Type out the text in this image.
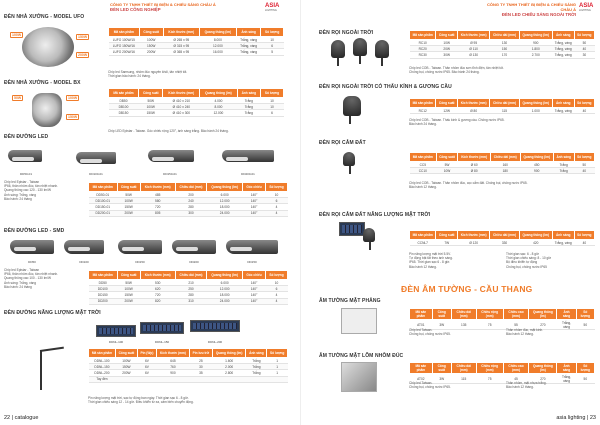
CÔNG TY TNHH THIẾT BỊ ĐIỆN & CHIẾU SÁNG CHÂU Á
ĐÈN LED CÔNG NGHIỆP
ASIA
LIGHTING
ĐÈN NHÀ XƯỞNG - MODEL UFO
100W	150W
200W
Mã sản phẩm	Công suất	Kích thước (mm)	Quang thông (lm)	Ánh sáng	Số lượng
LUFO 100W/15	100W	Ø 265 x 95	8.000	Trắng, vàng	10
LUFO 150W/16	150W	Ø 315 x 95	12.000	Trắng, vàng	6
LUFO 200W/16	200W	Ø 365 x 95	16.000	Trắng, vàng	5
Chip led Samsung, nhôm đúc nguyên khối, tản nhiệt tốt.
Thời gian bảo hành: 24 tháng.
ĐÈN NHÀ XƯỞNG - MODEL BX
50W	100W
150W
Mã sản phẩm	Công suất	Kích thước (mm)	Quang thông (lm)	Ánh sáng	Số lượng
DB50	50W	Ø 410 x 210	4.000	Trắng	10
DB100	100W	Ø 410 x 240	8.000	Trắng	10
DB150	150W	Ø 410 x 300	12.000	Trắng	6
Chip LED Epistar - Taiwan. Góc chiếu rộng 120°, ánh sáng trắng. Bảo hành 24 tháng.
ĐÈN ĐƯỜNG LED
DD50-01	DD100-01	DD150-01	DD200-01
Chip led Epistar - Taiwan
IP66, thân nhôm đúc, tản nhiệt nhanh.
Quang thông cao 120 - 130 lm/W
Ánh sáng: Trắng, vàng
Bảo hành: 24 tháng
Mã sản phẩm	Công suất	Kích thước (mm)	Chiều dài (mm)	Quang thông (lm)	Góc chiếu	Số lượng
DD50-01	50W	485	200	6.000	140°	10
DD100-01	100W	580	240	12.000	140°	6
DD150-01	150W	720	280	18.000	140°	4
DD200-01	200W	805	300	24.000	140°	4
ĐÈN ĐƯỜNG LED - SMD
DD50	DD100	DD150	DD200	DD150
Chip led Epistar - Taiwan
IP66, thân nhôm đúc, tản nhiệt nhanh.
Quang thông cao 100 - 130 lm/W
Ánh sáng: Trắng, vàng
Bảo hành: 24 tháng
Mã sản phẩm	Công suất	Kích thước (mm)	Chiều dài (mm)	Quang thông (lm)	Góc chiếu	Số lượng
DD50	50W	530	210	6.000	140°	10
DD100	100W	620	250	12.000	140°	6
DD150	150W	720	280	18.000	140°	4
DD200	200W	820	310	24.000	140°	4
ĐÈN ĐƯỜNG NĂNG LƯỢNG MẶT TRỜI
DDNL-100	DDNL-150	DDNL-200
Mã sản phẩm	Công suất	Pin (Wp)	Kích thước (mm)	Pin lưu trữ	Quang thông (lm)	Ánh sáng	Số lượng
DDNL-100	100W	6V	645	25	1.600	Trắng	1
DDNL-150	150W	6V	760	30	2.000	Trắng	1
DDNL-200	200W	6V	900	35	2.800	Trắng	1
Tay đèn							
Pin năng lượng mặt trời, sạc tự động ban ngày. Thời gian sạc 6 - 8 giờ.
Thời gian chiếu sáng 12 - 14 giờ. Điều khiển từ xa, cảm biến chuyển động.
22 | catalogue
CÔNG TY TNHH THIẾT BỊ ĐIỆN & CHIẾU SÁNG CHÂU Á
ĐÈN LED CHIẾU SÁNG NGOÀI TRỜI
ASIA
LIGHTING
ĐÈN RỌI NGOÀI TRỜI	Mã sản phẩm	Công suất	Kích thước (mm)	Chiều dài (mm)	Quang thông (lm)	Ánh sáng	Số lượng
RC10	10W	Ø 95	130	900	Trắng, vàng	50
RC20	20W	Ø 110	150	1.800	Trắng, vàng	40
RC30	30W	Ø 130	170	2.700	Trắng, vàng	30
Chip led COB - Taiwan. Thân nhôm đúc sơn tĩnh điện, tản nhiệt tốt.
Chống bụi, chống nước IP65. Bảo hành 24 tháng.
ĐÈN RỌI NGOÀI TRỜI CÓ THẤU KÍNH & GƯƠNG CẦU
Mã sản phẩm	Công suất	Kích thước (mm)	Chiều dài (mm)	Quang thông (lm)	Ánh sáng	Số lượng
RC12	12W	Ø 80	115	1.000	Trắng, vàng	40
Chip led COB - Taiwan. Thấu kính & gương cầu. Chống nước IP65.
Bảo hành 24 tháng.
ĐÈN RỌI CẮM ĐẤT
Mã sản phẩm	Công suất	Kích thước (mm)	Chiều dài (mm)	Quang thông (lm)	Ánh sáng	Số lượng
CC5	5W	Ø 60	160	450	Trắng	50
CC10	10W	Ø 80	180	900	Trắng	40
Chip led COB - Taiwan. Thân nhôm đúc, cọc cắm đất. Chống bụi, chống nước IP65.
Bảo hành 12 tháng.
ĐÈN RỌI CẮM ĐẤT NĂNG LƯỢNG MẶT TRỜI
Mã sản phẩm	Công suất	Kích thước (mm)	Chiều dài (mm)	Quang thông (lm)	Ánh sáng	Số lượng
CCNL7	7W	Ø 120	330	420	Trắng, vàng	40
Pin năng lượng mặt trời 5.5V.
Tự động bật tắt theo ánh sáng.
IP65. Thời gian sạc 6 - 8 giờ.
Bảo hành 12 tháng.
Thời gian sạc: 6 - 8 giờ
Thời gian chiếu sáng: 8 - 10 giờ
Bộ điều khiển tự động
Chống bụi, chống nước IP65
ĐÈN ÂM TƯỜNG - CẦU THANG
ÂM TƯỜNG MẶT PHẲNG
Mã sản phẩm	Công suất	Chiều dài (mm)	Chiều rộng (mm)	Chiều cao (mm)	Quang thông (lm)	Ánh sáng	Số lượng
AT01	3W	135	75	55	270	Trắng, vàng	50
Chip led Taiwan.
Chống bụi, chống nước IP65.
Thân nhôm đúc, mặt kính.
Bảo hành 12 tháng.
ÂM TƯỜNG MẶT LÕM NHÔM ĐÚC
Mã sản phẩm	Công suất	Chiều dài (mm)	Chiều rộng (mm)	Chiều cao (mm)	Quang thông (lm)	Ánh sáng	Số lượng
AT02	3W	115	75	45	270	Trắng, vàng	50
Chip led Taiwan.
Chống bụi, chống nước IP65.
Thân nhôm, mặt nhựa trắng.
Bảo hành 12 tháng.
asia lighting | 23
